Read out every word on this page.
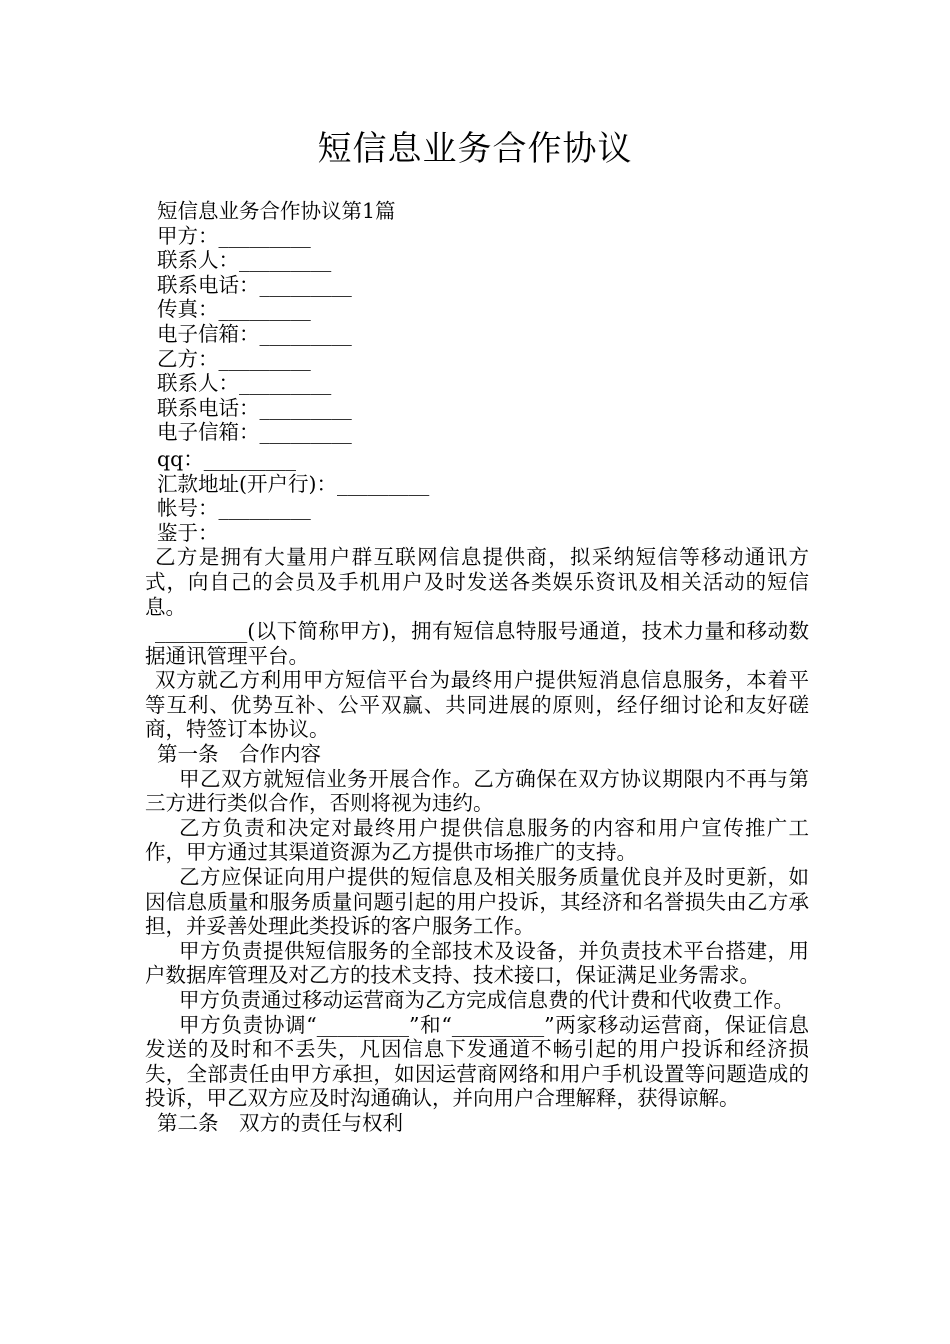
短信息业务合作协议
短信息业务合作协议第1篇
甲方：_________
联系人：_________
联系电话：_________
传真：_________
电子信箱：_________
乙方：_________
联系人：_________
联系电话：_________
电子信箱：_________
qq：_________
汇款地址(开户行)：_________
帐号：_________
鉴于：

乙方是拥有大量用户群互联网信息提供商，拟采纳短信等移动通讯方式，向自己的会员及手机用户及时发送各类娱乐资讯及相关活动的短信息。

_________(以下简称甲方)，拥有短信息特服号通道，技术力量和移动数据通讯管理平台。

双方就乙方利用甲方短信平台为最终用户提供短消息信息服务，本着平等互利、优势互补、公平双赢、共同进展的原则，经仔细讨论和友好磋商，特签订本协议。

第一条　合作内容

甲乙双方就短信业务开展合作。乙方确保在双方协议期限内不再与第三方进行类似合作，否则将视为违约。

乙方负责和决定对最终用户提供信息服务的内容和用户宣传推广工作，甲方通过其渠道资源为乙方提供市场推广的支持。

乙方应保证向用户提供的短信息及相关服务质量优良并及时更新，如因信息质量和服务质量问题引起的用户投诉，其经济和名誉损失由乙方承担，并妥善处理此类投诉的客户服务工作。

甲方负责提供短信服务的全部技术及设备，并负责技术平台搭建，用户数据库管理及对乙方的技术支持、技术接口，保证满足业务需求。

甲方负责通过移动运营商为乙方完成信息费的代计费和代收费工作。

甲方负责协调“_________”和“_________”两家移动运营商，保证信息发送的及时和不丢失，凡因信息下发通道不畅引起的用户投诉和经济损失，全部责任由甲方承担，如因运营商网络和用户手机设置等问题造成的投诉，甲乙双方应及时沟通确认，并向用户合理解释，获得谅解。

第二条　双方的责任与权利
